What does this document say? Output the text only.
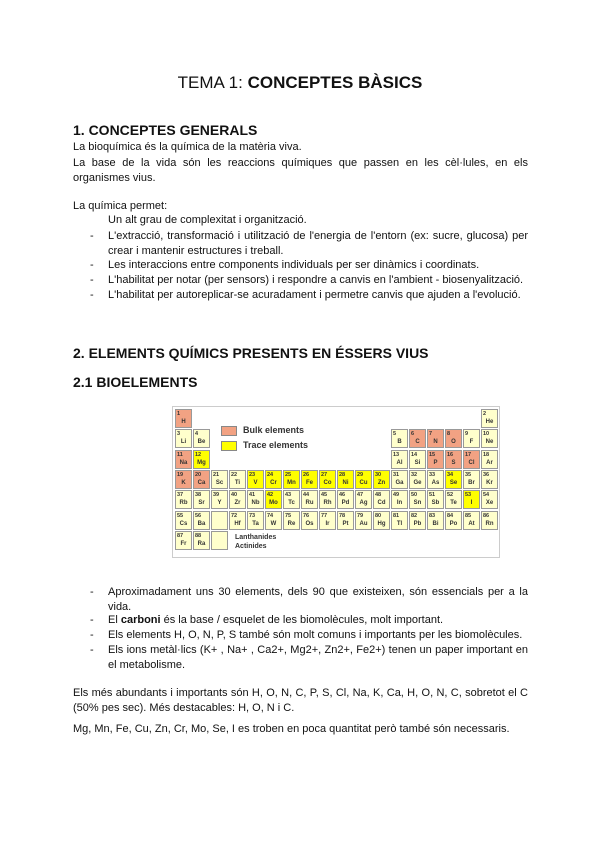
TEMA 1: CONCEPTES BÀSICS
1. CONCEPTES GENERALS
La bioquímica és la química de la matèria viva.
La base de la vida són les reaccions químiques que passen en les cèl·lules, en els organismes vius.
La química permet:
Un alt grau de complexitat i organització.
- L'extracció, transformació i utilització de l'energia de l'entorn (ex: sucre, glucosa) per crear i mantenir estructures i treball.
- Les interaccions entre components individuals per ser dinàmics i coordinats.
- L'habilitat per notar (per sensors) i respondre a canvis en l'ambient - biosenyalització.
- L'habilitat per autoreplicar-se acuradament i permetre canvis que ajuden a l'evolució.
2. ELEMENTS QUÍMICS PRESENTS EN ÉSSERS VIUS
2.1 BIOELEMENTS
Bulk elements
Trace elements
Lanthanides
Actinides
1
H
2
He
3
Li
4
Be
5
B
6
C
7
N
8
O
9
F
10
Ne
11
Na
12
Mg
13
Al
14
Si
15
P
16
S
17
Cl
18
Ar
19
K
20
Ca
21
Sc
22
Ti
23
V
24
Cr
25
Mn
26
Fe
27
Co
28
Ni
29
Cu
30
Zn
31
Ga
32
Ge
33
As
34
Se
35
Br
36
Kr
37
Rb
38
Sr
39
Y
40
Zr
41
Nb
42
Mo
43
Tc
44
Ru
45
Rh
46
Pd
47
Ag
48
Cd
49
In
50
Sn
51
Sb
52
Te
53
I
54
Xe
55
Cs
56
Ba
72
Hf
73
Ta
74
W
75
Re
76
Os
77
Ir
78
Pt
79
Au
80
Hg
81
Tl
82
Pb
83
Bi
84
Po
85
At
86
Rn
87
Fr
88
Ra
- Aproximadament uns 30 elements, dels 90 que existeixen, són essencials per a la vida.
- El carboni és la base / esquelet de les biomolècules, molt important.
- Els elements H, O, N, P, S també són molt comuns i importants per les biomolècules.
- Els ions metàl·lics (K+ , Na+ , Ca2+, Mg2+, Zn2+, Fe2+) tenen un paper important en el metabolisme.
Els més abundants i importants són H, O, N, C, P, S, Cl, Na, K, Ca, H, O, N, C, sobretot el C (50% pes sec). Més destacables: H, O, N i C.
Mg, Mn, Fe, Cu, Zn, Cr, Mo, Se, I es troben en poca quantitat però també són necessaris.
